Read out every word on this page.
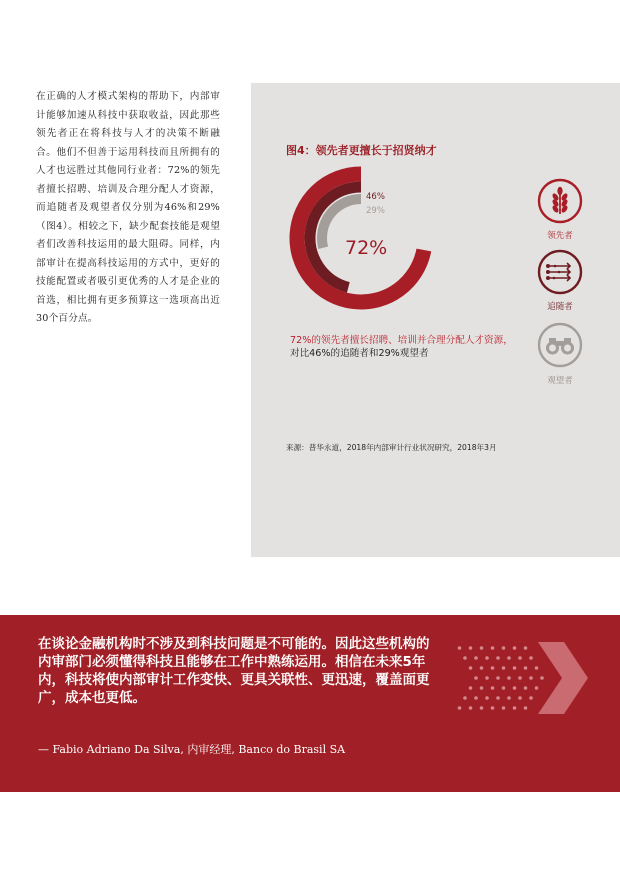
在正确的人才模式架构的帮助下，内部审计能够加速从科技中获取收益，因此那些领先者正在将科技与人才的决策不断融合。他们不但善于运用科技而且所拥有的人才也远胜过其他同行业者：72%的领先者擅长招聘、培训及合理分配人才资源，而追随者及观望者仅分别为46%和29%（图4）。相较之下，缺少配套技能是观望者们改善科技运用的最大阻碍。同样，内部审计在提高科技运用的方式中，更好的技能配置或者吸引更优秀的人才是企业的首选，相比拥有更多预算这一选项高出近30个百分点。
图4：领先者更擅长于招贤纳才
46%
29%
72%
72%的领先者擅长招聘、培训并合理分配人才资源，对比46%的追随者和29%观望者
来源：普华永道，2018年内部审计行业状况研究，2018年3月
领先者
追随者
观望者
在谈论金融机构时不涉及到科技问题是不可能的。因此这些机构的内审部门必须懂得科技且能够在工作中熟练运用。相信在未来5年内，科技将使内部审计工作变快、更具关联性、更迅速，覆盖面更广，成本也更低。
— Fabio Adriano Da Silva, 内审经理, Banco do Brasil SA
